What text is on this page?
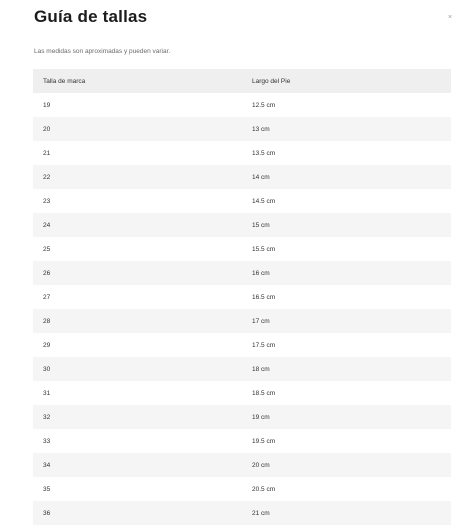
Guía de tallas	×
Las medidas son aproximadas y pueden variar.
Talla de marca	Largo del Pie
19	12.5 cm
20	13 cm
21	13.5 cm
22	14 cm
23	14.5 cm
24	15 cm
25	15.5 cm
26	16 cm
27	16.5 cm
28	17 cm
29	17.5 cm
30	18 cm
31	18.5 cm
32	19 cm
33	19.5 cm
34	20 cm
35	20.5 cm
36	21 cm
